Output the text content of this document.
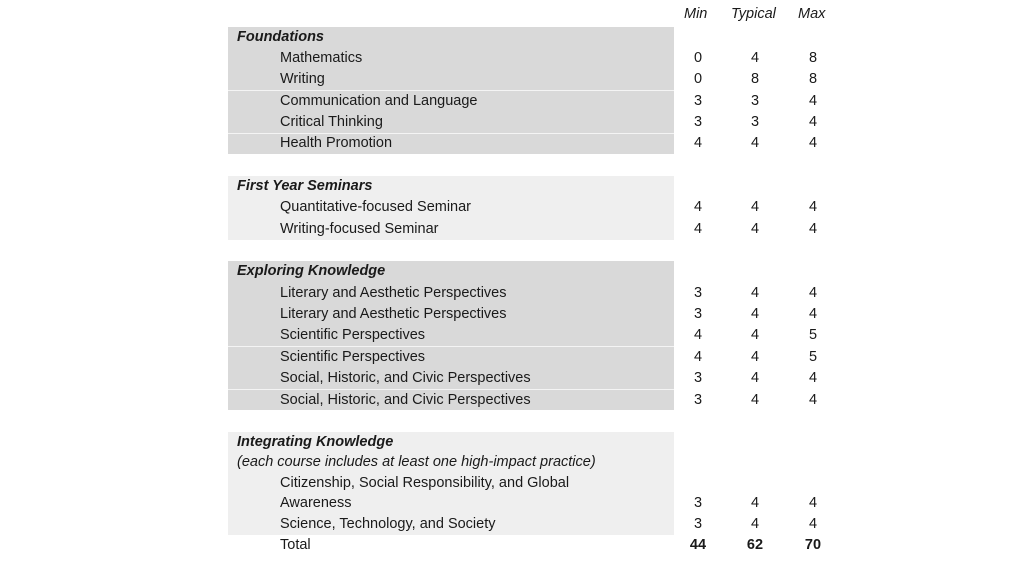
Min Typical Max
Foundations
Mathematics	0	4	8
Writing	0	8	8
Communication and Language	3	3	4
Critical Thinking	3	3	4
Health Promotion	4	4	4
First Year Seminars
Quantitative-focused Seminar	4	4	4
Writing-focused Seminar	4	4	4
Exploring Knowledge
Literary and Aesthetic Perspectives	3	4	4
Literary and Aesthetic Perspectives	3	4	4
Scientific Perspectives	4	4	5
Scientific Perspectives	4	4	5
Social, Historic, and Civic Perspectives	3	4	4
Social, Historic, and Civic Perspectives	3	4	4
Integrating Knowledge
(each course includes at least one high-impact practice)
Citizenship, Social Responsibility, and Global
Awareness	3	4	4
Science, Technology, and Society	3	4	4
Total	44	62	70
